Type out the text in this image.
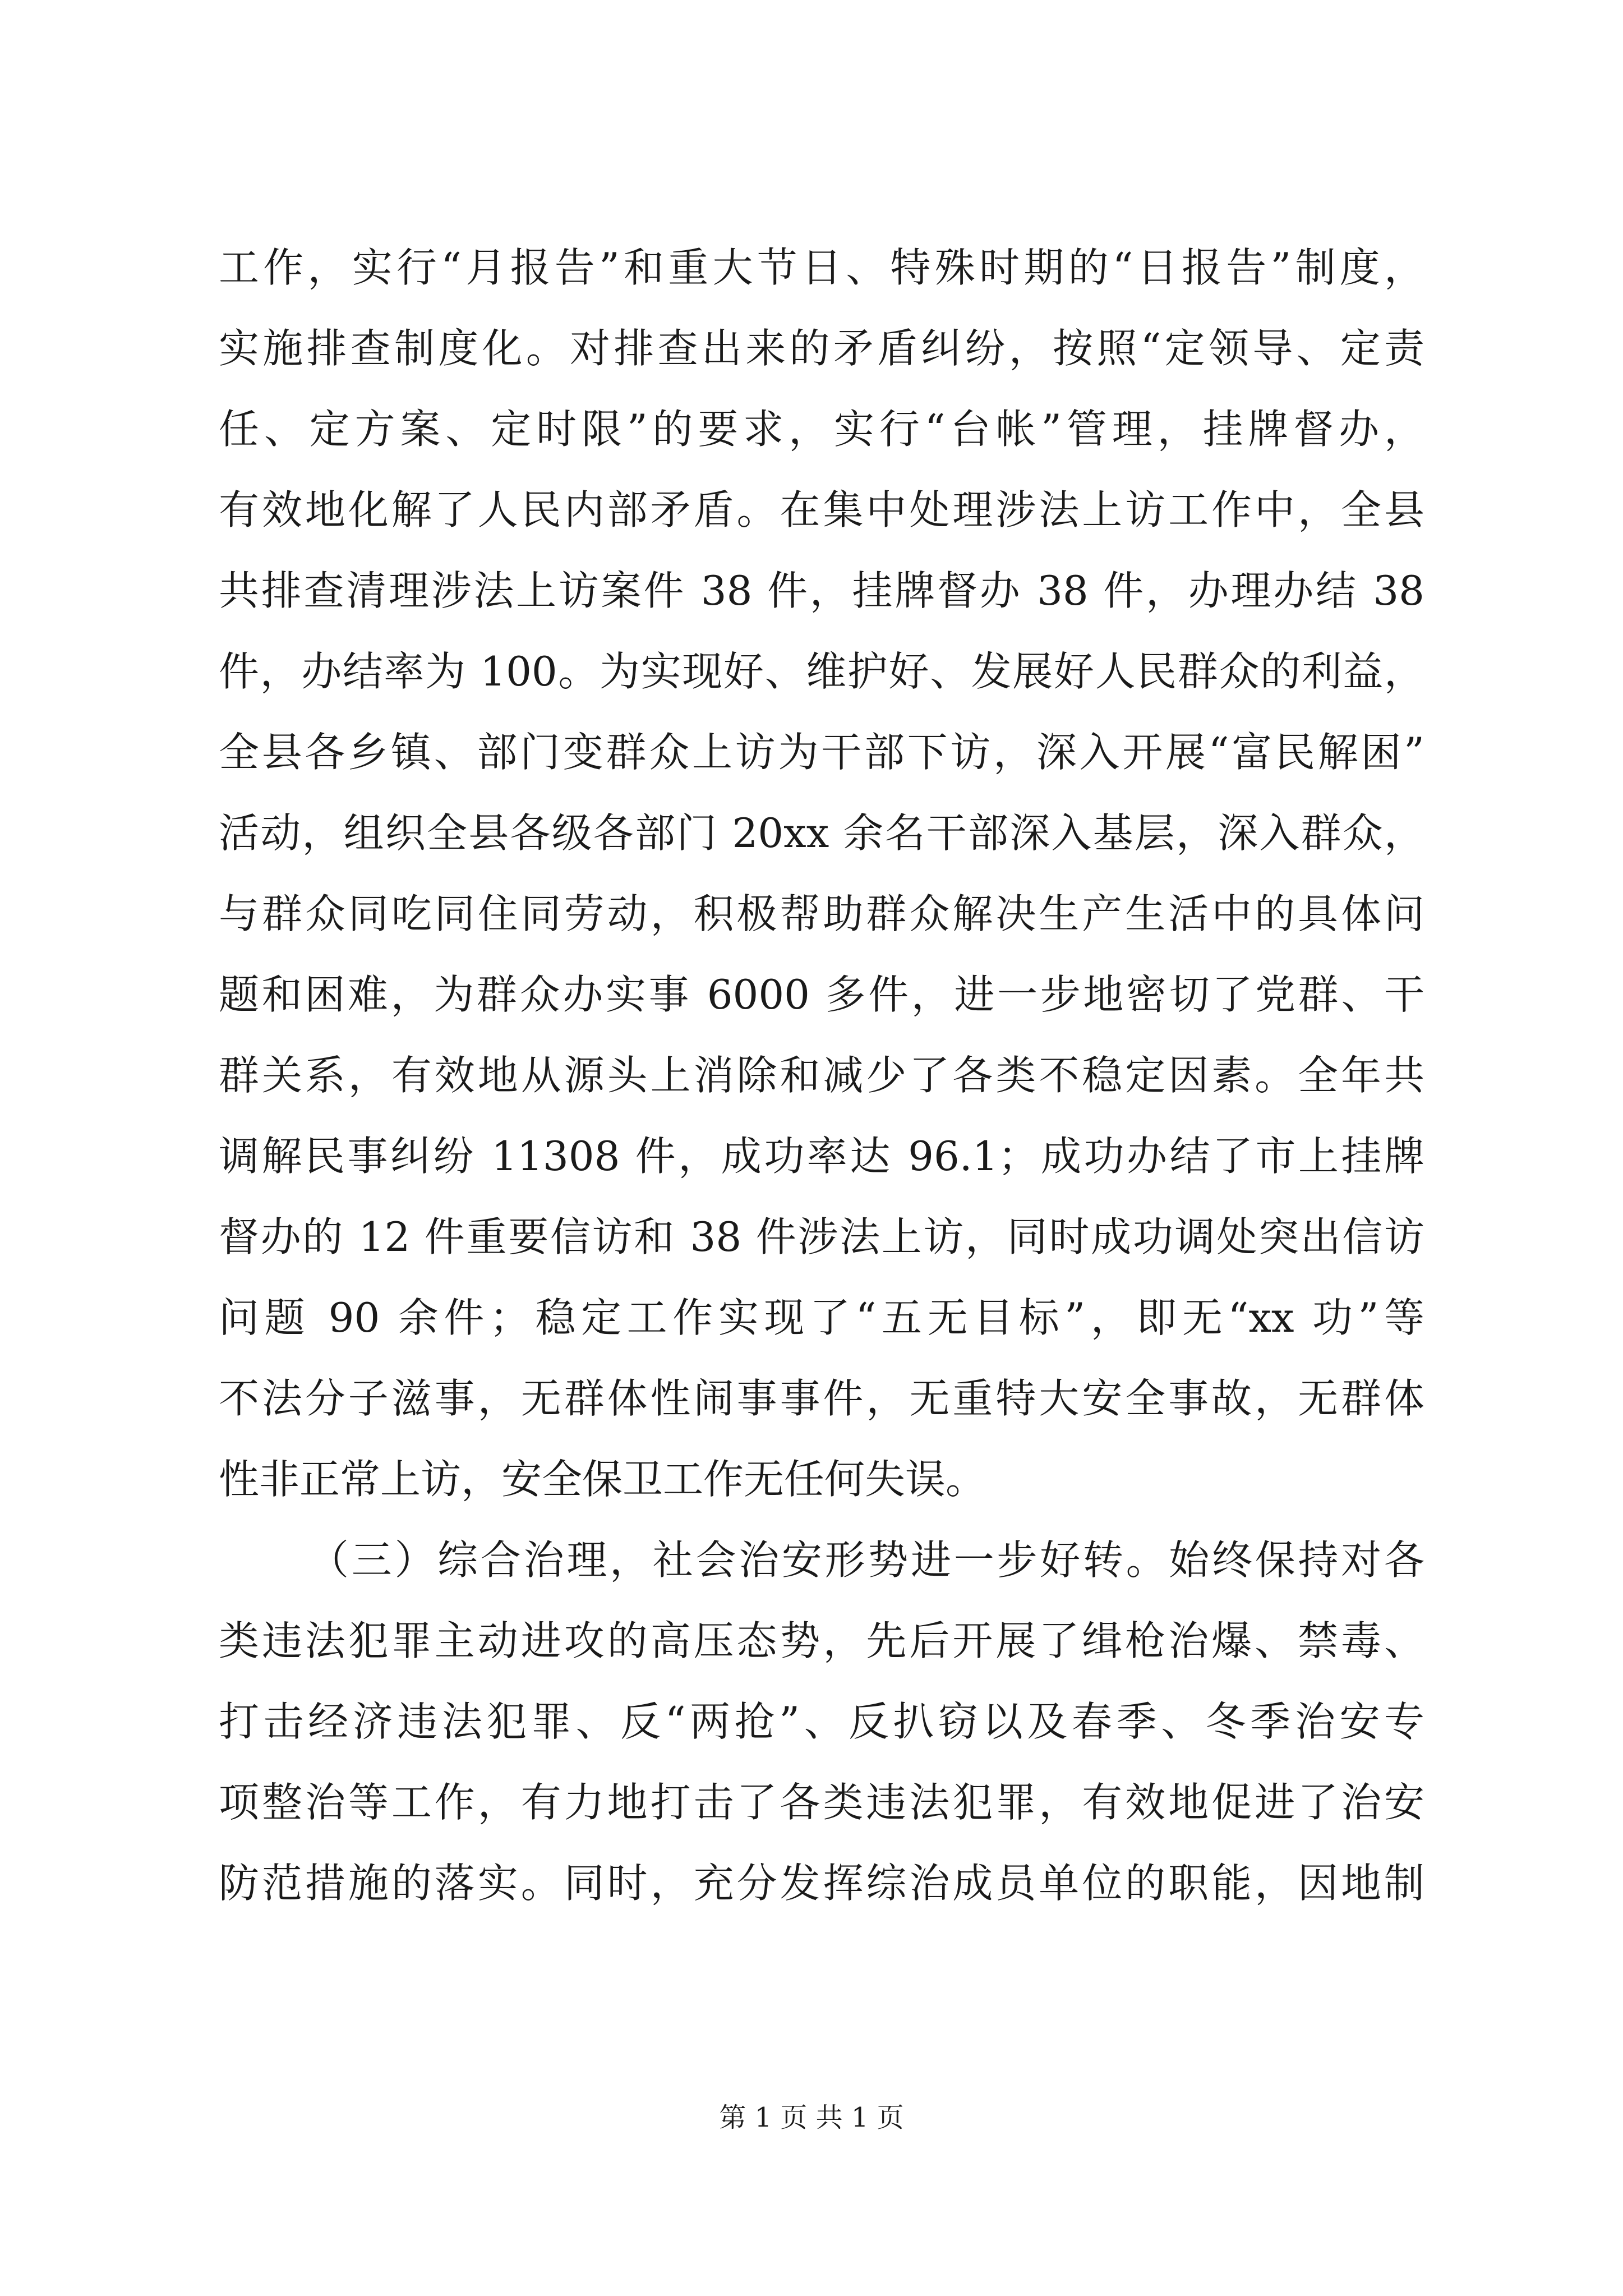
工作，实行“月报告”和重大节日、特殊时期的“日报告”制度，
实施排查制度化。对排查出来的矛盾纠纷，按照“定领导、定责
任、定方案、定时限”的要求，实行“台帐”管理，挂牌督办，
有效地化解了人民内部矛盾。在集中处理涉法上访工作中，全县
共排查清理涉法上访案件 38 件，挂牌督办 38 件，办理办结 38
件，办结率为 100。为实现好、维护好、发展好人民群众的利益，
全县各乡镇、部门变群众上访为干部下访，深入开展“富民解困”
活动，组织全县各级各部门 20xx 余名干部深入基层，深入群众，
与群众同吃同住同劳动，积极帮助群众解决生产生活中的具体问
题和困难，为群众办实事 6000 多件，进一步地密切了党群、干
群关系，有效地从源头上消除和减少了各类不稳定因素。全年共
调解民事纠纷 11308 件，成功率达 96.1；成功办结了市上挂牌
督办的 12 件重要信访和 38 件涉法上访，同时成功调处突出信访
问题 90 余件；稳定工作实现了“五无目标”，即无“xx 功”等
不法分子滋事，无群体性闹事事件，无重特大安全事故，无群体
性非正常上访，安全保卫工作无任何失误。
（三）综合治理，社会治安形势进一步好转。始终保持对各
类违法犯罪主动进攻的高压态势，先后开展了缉枪治爆、禁毒、
打击经济违法犯罪、反“两抢”、反扒窃以及春季、冬季治安专
项整治等工作，有力地打击了各类违法犯罪，有效地促进了治安
防范措施的落实。同时，充分发挥综治成员单位的职能，因地制
第 1 页 共 1 页
